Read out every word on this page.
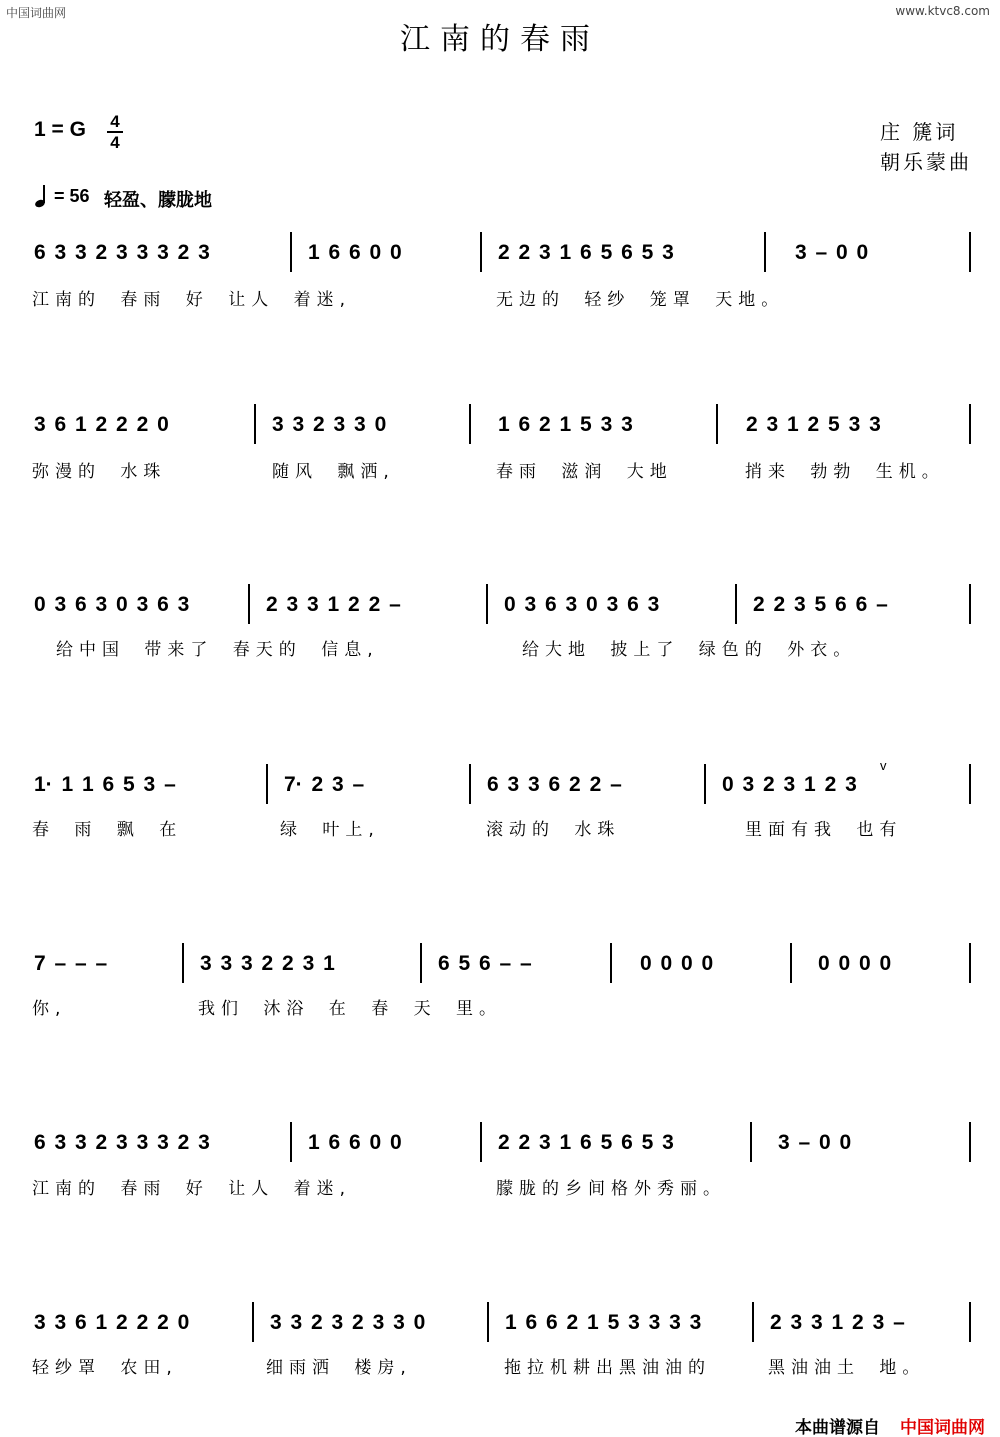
中国词曲网	www.ktvc8.com
江南的春雨
1 = G 4
4	庄 篪词
朝乐蒙曲
= 56 轻盈、朦胧地
6 3 3 2 3 3 3 2 3	1 6 6 0 0	2 2 3 1 6 5 6 5 3	3 – 0 0
江南的 春雨 好 让人 着迷,	无边的 轻纱 笼罩 天地。
3 6 1 2 2 2 0	3 3 2 3 3 0	1 6 2 1 5 3 3	2 3 1 2 5 3 3
弥漫的 水珠	随风 飘洒,	春雨 滋润 大地	捎来 勃勃 生机。
0 3 6 3 0 3 6 3	2 3 3 1 2 2 –	0 3 6 3 0 3 6 3	2 2 3 5 6 6 –
给中国 带来了 春天的 信息,	给大地 披上了 绿色的 外衣。
1· 1 1 6 5 3 –	7· 2 3 –	6 3 3 6 2 2 –	0 3 2 3 1 2 3
v
春 雨 飘 在	绿 叶上,	滚动的 水珠	里面有我 也有
7 – – –	3 3 3 2 2 3 1	6 5 6 – –	0 0 0 0	0 0 0 0
你,	我们 沐浴 在 春 天 里。
6 3 3 2 3 3 3 2 3	1 6 6 0 0	2 2 3 1 6 5 6 5 3	3 – 0 0
江南的 春雨 好 让人 着迷,	朦胧的乡间格外秀丽。
3 3 6 1 2 2 2 0	3 3 2 3 2 3 3 0	1 6 6 2 1 5 3 3 3 3	2 3 3 1 2 3 –
轻纱罩 农田,	细雨洒 楼房,	拖拉机耕出黑油油的	黑油油土 地。
本曲谱源自 中国词曲网
